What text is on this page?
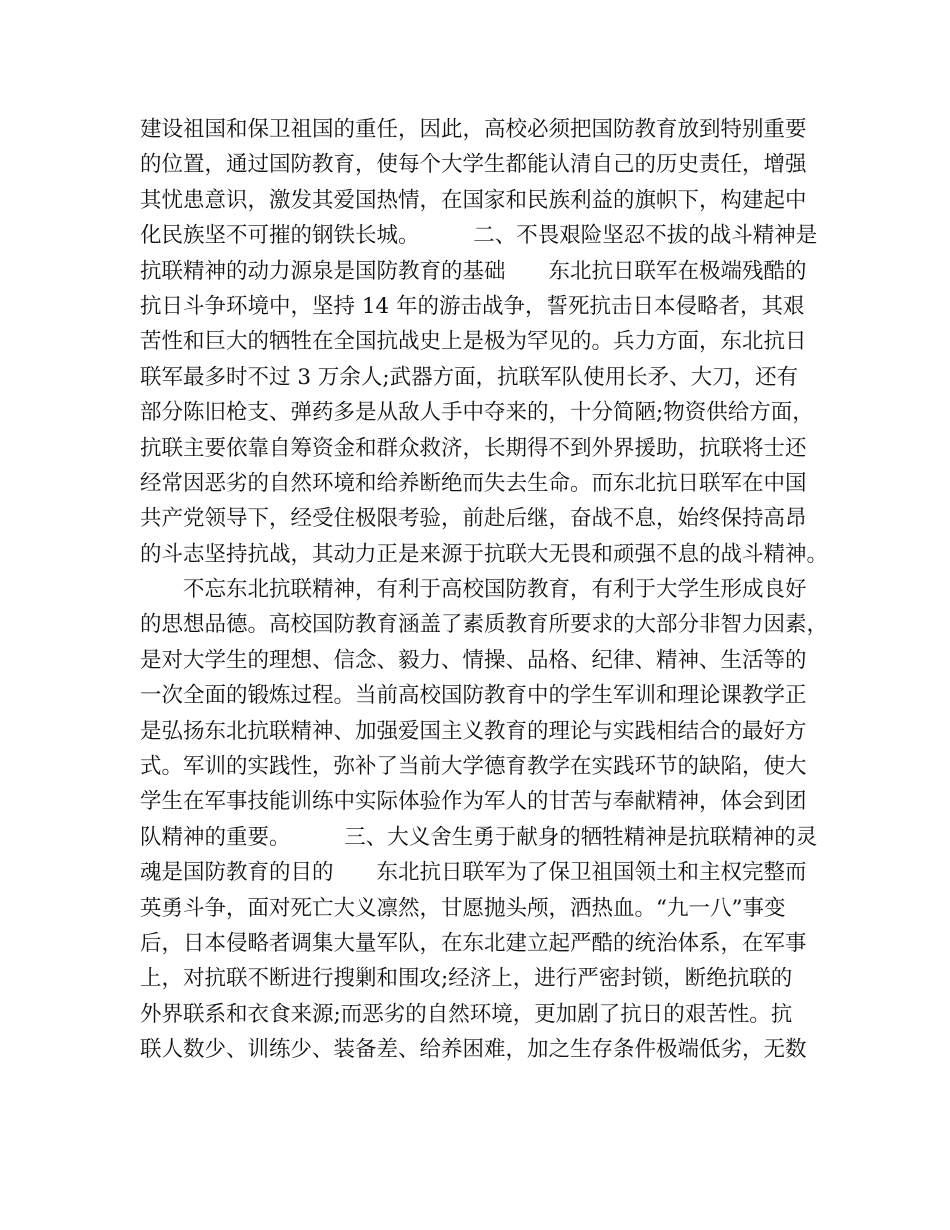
建设祖国和保卫祖国的重任，因此，高校必须把国防教育放到特别重要
的位置，通过国防教育，使每个大学生都能认清自己的历史责任，增强
其忧患意识，激发其爱国热情，在国家和民族利益的旗帜下，构建起中
化民族坚不可摧的钢铁长城。　　　二、不畏艰险坚忍不拔的战斗精神是
抗联精神的动力源泉是国防教育的基础　　东北抗日联军在极端残酷的
抗日斗争环境中，坚持 14 年的游击战争，誓死抗击日本侵略者，其艰
苦性和巨大的牺牲在全国抗战史上是极为罕见的。兵力方面，东北抗日
联军最多时不过 3 万余人;武器方面，抗联军队使用长矛、大刀，还有
部分陈旧枪支、弹药多是从敌人手中夺来的，十分简陋;物资供给方面，
抗联主要依靠自筹资金和群众救济，长期得不到外界援助，抗联将士还
经常因恶劣的自然环境和给养断绝而失去生命。而东北抗日联军在中国
共产党领导下，经受住极限考验，前赴后继，奋战不息，始终保持高昂
的斗志坚持抗战，其动力正是来源于抗联大无畏和顽强不息的战斗精神。
　　不忘东北抗联精神，有利于高校国防教育，有利于大学生形成良好
的思想品德。高校国防教育涵盖了素质教育所要求的大部分非智力因素，
是对大学生的理想、信念、毅力、情操、品格、纪律、精神、生活等的
一次全面的锻炼过程。当前高校国防教育中的学生军训和理论课教学正
是弘扬东北抗联精神、加强爱国主义教育的理论与实践相结合的最好方
式。军训的实践性，弥补了当前大学德育教学在实践环节的缺陷，使大
学生在军事技能训练中实际体验作为军人的甘苦与奉献精神，体会到团
队精神的重要。　　　三、大义舍生勇于献身的牺牲精神是抗联精神的灵
魂是国防教育的目的　　东北抗日联军为了保卫祖国领土和主权完整而
英勇斗争，面对死亡大义凛然，甘愿抛头颅，洒热血。“九一八”事变
后，日本侵略者调集大量军队，在东北建立起严酷的统治体系，在军事
上，对抗联不断进行搜剿和围攻;经济上，进行严密封锁，断绝抗联的
外界联系和衣食来源;而恶劣的自然环境，更加剧了抗日的艰苦性。抗
联人数少、训练少、装备差、给养困难，加之生存条件极端低劣，无数
